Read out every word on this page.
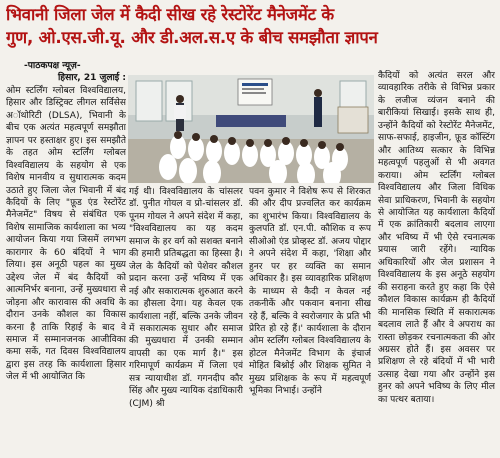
भिवानी जिला जेल में कैदी सीख रहे रेस्टोरेंट मैनेजमेंट के
गुण, ओ.एस.जी.यू. और डी.अल.स.ए के बीच समझौता ज्ञापन

-पाठकपक्ष न्यूज़-

हिसार, 21 जुलाई :

ओम स्टर्लिंग ग्लोबल विश्वविद्यालय, हिसार और डिस्ट्रिक्ट लीगल सर्विसेस अॉथोरिटी (DLSA), भिवानी के बीच एक अत्यंत महत्वपूर्ण समझौता ज्ञापन पर हस्ताक्षर हुए। इस समझौते के तहत ओम स्टर्लिंग ग्लोबल विश्वविद्यालय के सहयोग से एक विशेष मानवीय व सुधारात्मक कदम उठाते हुए जिला जेल भिवानी में बंद कैदियों के लिए "फ़ूड एंड रेस्टोरेंट मैनेजमेंट" विषय से संबंधित एक विशेष सामाजिक कार्यशाला का भव्य आयोजन किया गया जिसमें लगभग कारागार के 60 बंदियों ने भाग लिया। इस अनूठी पहल का मुख्य उद्देश्य जेल में बंद कैदियों को आत्मनिर्भर बनाना, उन्हें मुख्यधारा से जोड़ना और कारावास की अवधि के दौरान उनके कौशल का विकास करना है ताकि रिहाई के बाद वे समाज में सम्मानजनक आजीविका कमा सकें, गत दिवस विश्वविद्यालय द्वारा इस तरह कि कार्यशाला हिसार जेल में भी आयोजित कि

गई थी। विश्वविद्यालय के चांसलर डॉ. पुनीत गोयल व प्रो-चांसलर डॉ. पूनम गोयल ने अपने संदेश में कहा, "विश्वविद्यालय का यह कदम समाज के हर वर्ग को सशक्त बनाने की हमारी प्रतिबद्धता का हिस्सा है। जेल के कैदियों को पेशेवर कौशल प्रदान करना उन्हें भविष्य में एक नई और सकारात्मक शुरुआत करने का हौसला देगा। यह केवल एक कार्यशाला नहीं, बल्कि उनके जीवन में सकारात्मक सुधार और समाज की मुख्यधारा में उनकी सम्मान वापसी का एक मार्ग है।" इस गरिमापूर्ण कार्यक्रम में जिला एवं सत्र न्यायाधीश डॉ. गगनदीप कौर सिंह और मुख्य न्यायिक दंडाधिकारी (CJM) श्री

पवन कुमार ने विशेष रूप से शिरकत की और दीप प्रज्वलित कर कार्यक्रम का शुभारंभ किया। विश्वविद्यालय के कुलपति डॉ. एन.पी. कौशिक व रूप सीओओ एंड प्रोव्हस्ट डॉ. अजय पोद्दार ने अपने संदेश में कहा, 'शिक्षा और हुनर पर हर व्यक्ति का समान अधिकार है। इस व्यावहारिक प्रशिक्षण के माध्यम से कैदी न केवल नई तकनीकें और पकवान बनाना सीख रहे हैं, बल्कि वे स्वरोजगार के प्रति भी प्रेरित हो रहे हैं।' कार्यशाला के दौरान ओम स्टर्लिंग ग्लोबल विश्वविद्यालय के होटल मैनेजमेंट विभाग के इंचार्ज मोहित बिश्नोई और शिक्षक सुमित ने मुख्य प्रशिक्षक के रूप में महत्वपूर्ण भूमिका निभाई। उन्होंने

कैदियों को अत्यंत सरल और व्यावहारिक तरीके से विभिन्न प्रकार के लजीज व्यंजन बनाने की बारीकियां सिखाई। इसके साथ ही, उन्होंने कैदियों को रेस्टोरेंट मैनेजमेंट, साफ-सफाई, हाइजीन, फ़ूड कॉस्टिंग और आतिथ्य सत्कार के विभिन्न महत्वपूर्ण पहलुओं से भी अवगत कराया। ओम स्टर्लिंग ग्लोबल विश्वविद्यालय और जिला विधिक सेवा प्राधिकरण, भिवानी के सहयोग से आयोजित यह कार्यशाला कैदियों में एक क्रांतिकारी बदलाव लाएगा और भविष्य में भी ऐसे रचनात्मक प्रयास जारी रहेंगे। न्यायिक अधिकारियों और जेल प्रशासन ने विश्वविद्यालय के इस अनूठे सहयोग की सराहना करते हुए कहा कि ऐसे कौशल विकास कार्यक्रम ही कैदियों की मानसिक स्थिति में सकारात्मक बदलाव लाते हैं और वे अपराध का रास्ता छोड़कर रचनात्मकता की ओर अग्रसर होते हैं। इस अवसर पर प्रशिक्षण ले रहे बंदियों में भी भारी उत्साह देखा गया और उन्होंने इस हुनर को अपने भविष्य के लिए मील का पत्थर बताया।
